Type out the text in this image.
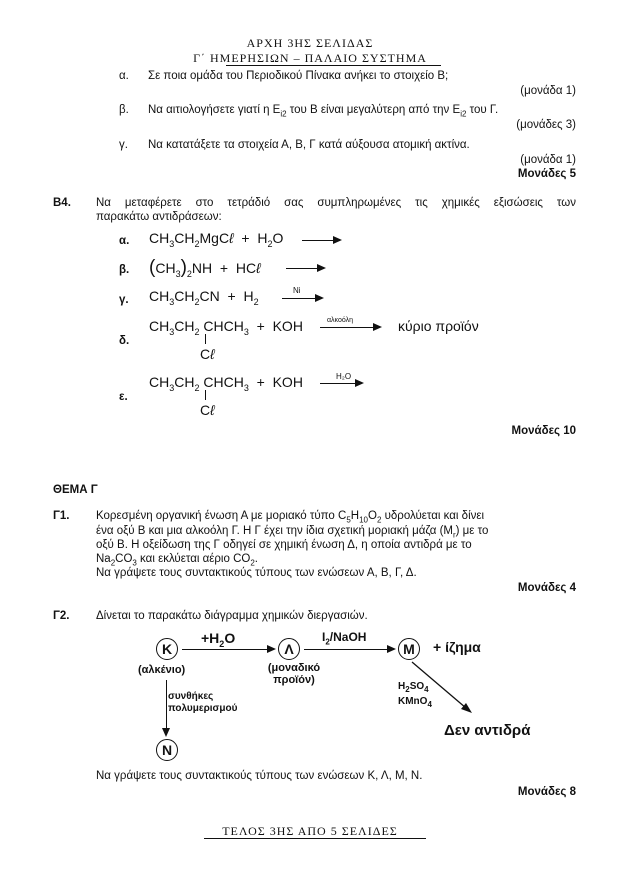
ΑΡΧΗ 3ΗΣ ΣΕΛΙΔΑΣ
Γ΄ ΗΜΕΡΗΣΙΩΝ – ΠΑΛΑΙΟ ΣΥΣΤΗΜΑ
α. Σε ποια ομάδα του Περιοδικού Πίνακα ανήκει το στοιχείο Β;
(μονάδα 1)
β. Να αιτιολογήσετε γιατί η $E_{i2}$ του B είναι μεγαλύτερη από την $E_{i2}$ του Γ.
(μονάδες 3)
γ. Να κατατάξετε τα στοιχεία Α, Β, Γ κατά αύξουσα ατομική ακτίνα.
(μονάδα 1)
Μονάδες 5
Β4. Να μεταφέρετε στο τετράδιό σας συμπληρωμένες τις χημικές εξισώσεις των
παρακάτω αντιδράσεων:
α. $CH_3CH_2MgC\ell + H_2O$
β. $(CH_3)_2NH$  +  HCℓ
γ. $CH_3CH_2CN + H_2$
Ni
$CH_3CH_2$ $CHCH_3$  +  KOH	αλκοόλη	κύριο προϊόν
δ.
Cℓ
$CH_3CH_2$ $CHCH_3$  +  KOH	H₂O
ε.
Cℓ
Μονάδες 10
ΘΕΜΑ Γ
Γ1. Κορεσμένη οργανική ένωση Α με μοριακό τύπο $C_5H_{10}O_2$ υδρολύεται και δίνει
ένα οξύ Β και μια αλκοόλη Γ. Η Γ έχει την ίδια σχετική μοριακή μάζα $(M_r)$ με το
οξύ Β. Η οξείδωση της Γ οδηγεί σε χημική ένωση Δ, η οποία αντιδρά με το
$Na_2CO_3$ και εκλύεται αέριο $CO_2$.
Να γράψετε τους συντακτικούς τύπους των ενώσεων Α, Β, Γ, Δ.
Μονάδες 4
Γ2. Δίνεται το παρακάτω διάγραμμα χημικών διεργασιών.
K	Λ	M
N
$+H_2O$	$I_2$/NaOH
+ ίζημα
(αλκένιο)	(μοναδικό
προϊόν)
συνθήκες
πολυμερισμού
$H_2SO_4$
KMnO$_4$
Δεν αντιδρά
Να γράψετε τους συντακτικούς τύπους των ενώσεων Κ, Λ, Μ, Ν.
Μονάδες 8
ΤΕΛΟΣ 3ΗΣ ΑΠΟ 5 ΣΕΛΙΔΕΣ
